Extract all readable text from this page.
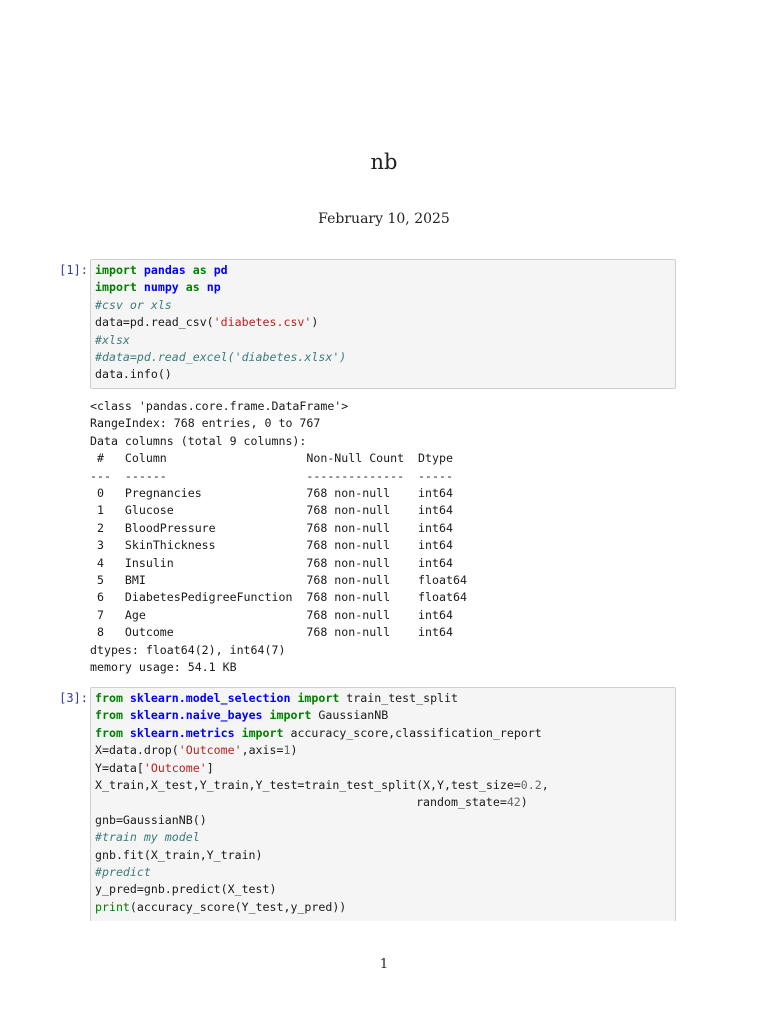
nb
February 10, 2025
[1]: import pandas as pd
import numpy as np
#csv or xls
data=pd.read_csv('diabetes.csv')
#xlsx
#data=pd.read_excel('diabetes.xlsx')
data.info()
<class 'pandas.core.frame.DataFrame'>
RangeIndex: 768 entries, 0 to 767
Data columns (total 9 columns):
#   Column                    Non-Null Count  Dtype
---  ------                    --------------  -----
0   Pregnancies               768 non-null    int64
1   Glucose                   768 non-null    int64
2   BloodPressure             768 non-null    int64
3   SkinThickness             768 non-null    int64
4   Insulin                   768 non-null    int64
5   BMI                       768 non-null    float64
6   DiabetesPedigreeFunction  768 non-null    float64
7   Age                       768 non-null    int64
8   Outcome                   768 non-null    int64
dtypes: float64(2), int64(7)
memory usage: 54.1 KB
[3]: from sklearn.model_selection import train_test_split
from sklearn.naive_bayes import GaussianNB
from sklearn.metrics import accuracy_score,classification_report
X=data.drop('Outcome',axis=1)
Y=data['Outcome']
X_train,X_test,Y_train,Y_test=train_test_split(X,Y,test_size=0.2,
random_state=42)
gnb=GaussianNB()
#train my model
gnb.fit(X_train,Y_train)
#predict
y_pred=gnb.predict(X_test)
print(accuracy_score(Y_test,y_pred))
1
